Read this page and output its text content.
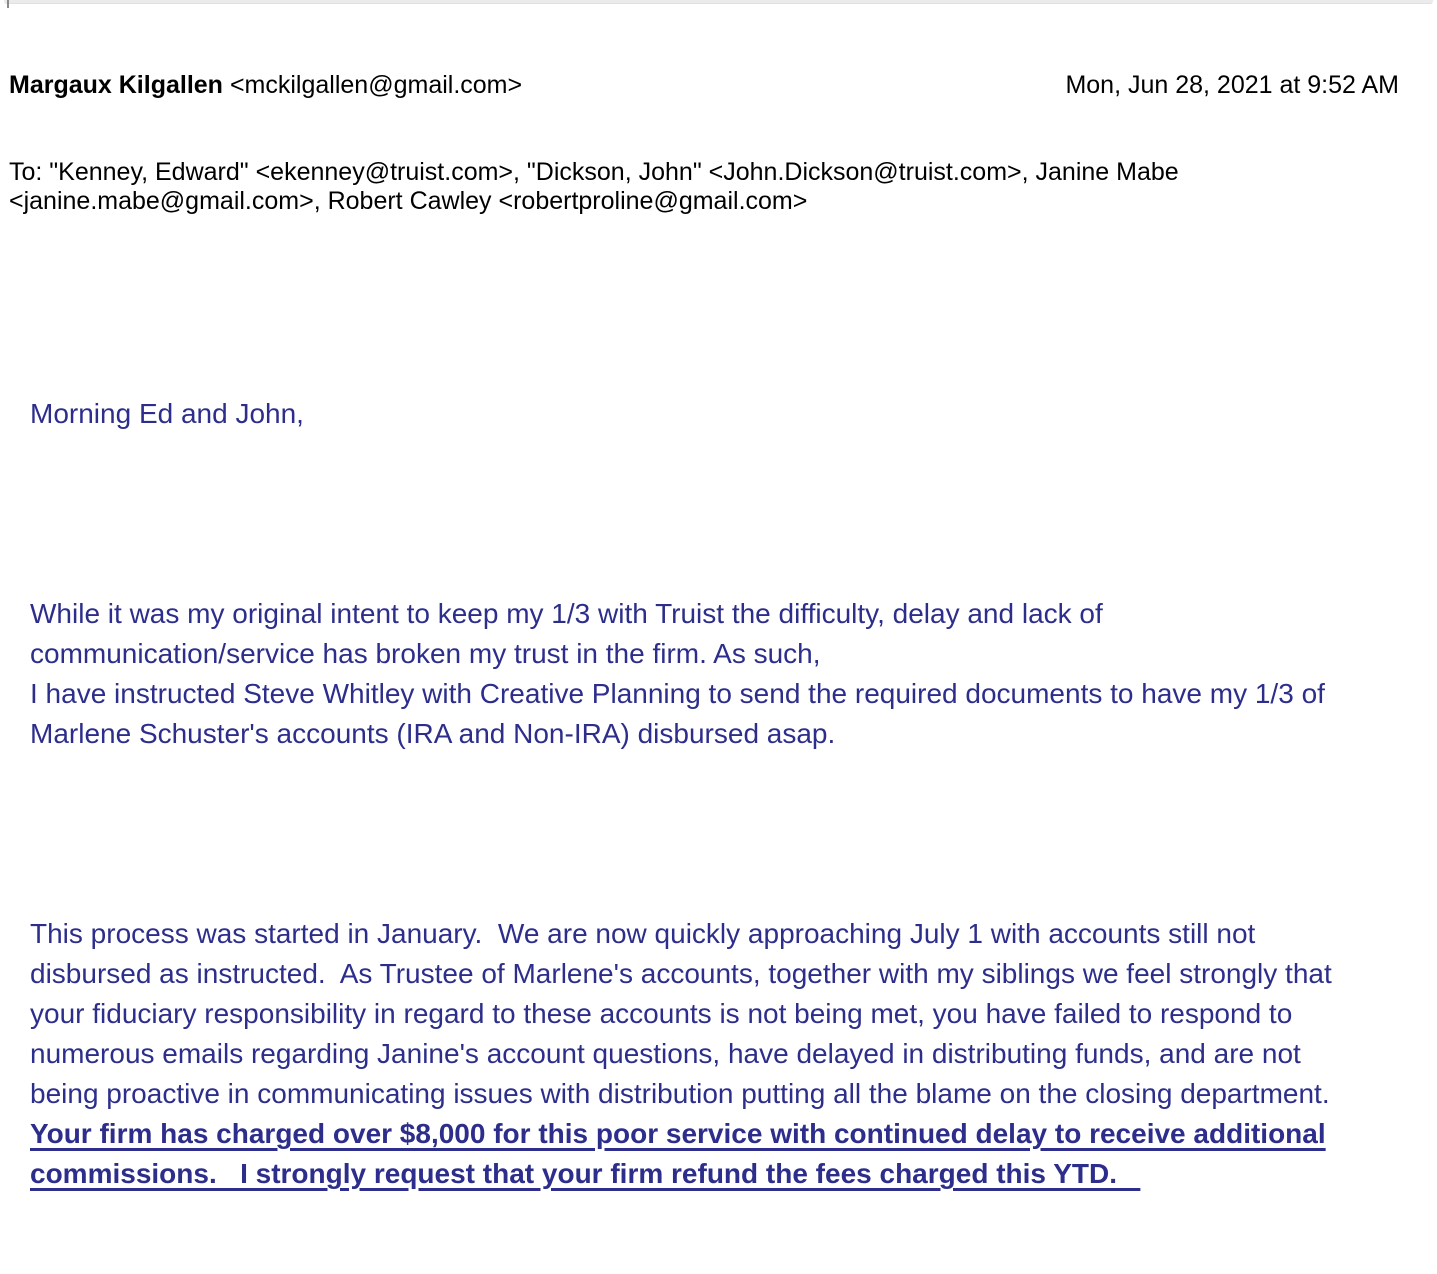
Margaux Kilgallen <mckilgallen@gmail.com>	Mon, Jun 28, 2021 at 9:52 AM

To: "Kenney, Edward" <ekenney@truist.com>, "Dickson, John" <John.Dickson@truist.com>, Janine Mabe
<janine.mabe@gmail.com>, Robert Cawley <robertproline@gmail.com>

Morning Ed and John,

While it was my original intent to keep my 1/3 with Truist the difficulty, delay and lack of
communication/service has broken my trust in the firm. As such,
I have instructed Steve Whitley with Creative Planning to send the required documents to have my 1/3 of
Marlene Schuster's accounts (IRA and Non-IRA) disbursed asap.

This process was started in January.  We are now quickly approaching July 1 with accounts still not
disbursed as instructed.  As Trustee of Marlene's accounts, together with my siblings we feel strongly that
your fiduciary responsibility in regard to these accounts is not being met, you have failed to respond to
numerous emails regarding Janine's account questions, have delayed in distributing funds, and are not
being proactive in communicating issues with distribution putting all the blame on the closing department.
Your firm has charged over $8,000 for this poor service with continued delay to receive additional
commissions.   I strongly request that your firm refund the fees charged this YTD.
